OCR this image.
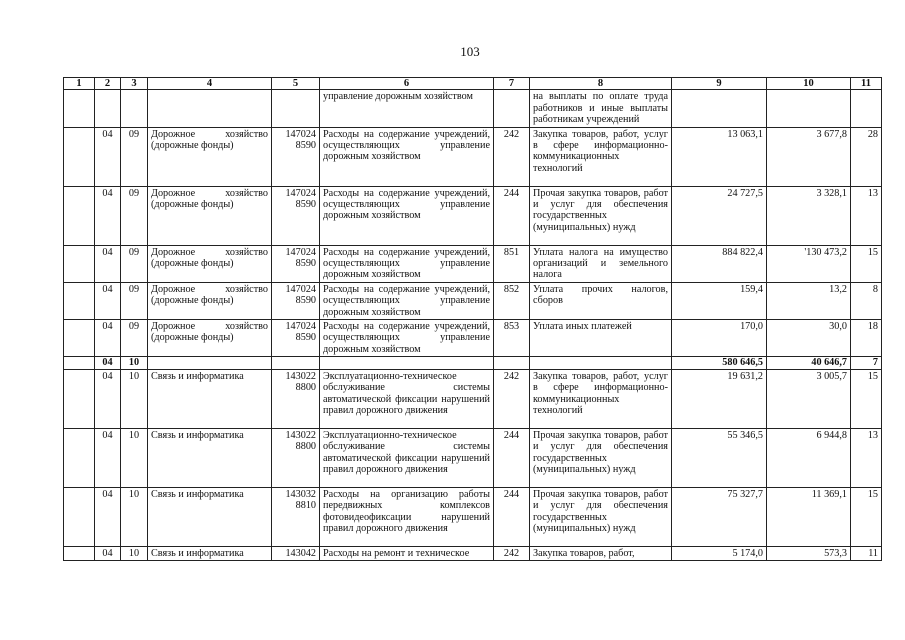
103
1	2	3	4	5	6	7	8	9	10	11
					управление дорожным хозяйством		на выплаты по оплате труда работников и иные выплаты работникам учреждений			
	04	09	Дорожное хозяйство (дорожные фонды)	147024 8590	Расходы на содержание учреждений, осуществляющих управление дорожным хозяйством	242	Закупка товаров, работ, услуг в сфере информационно-коммуникационных технологий	13 063,1	3 677,8	28
	04	09	Дорожное хозяйство (дорожные фонды)	147024 8590	Расходы на содержание учреждений, осуществляющих управление дорожным хозяйством	244	Прочая закупка товаров, работ и услуг для обеспечения государственных (муниципальных) нужд	24 727,5	3 328,1	13
	04	09	Дорожное хозяйство (дорожные фонды)	147024 8590	Расходы на содержание учреждений, осуществляющих управление дорожным хозяйством	851	Уплата налога на имущество организаций и земельного налога	884 822,4	'130 473,2	15
	04	09	Дорожное хозяйство (дорожные фонды)	147024 8590	Расходы на содержание учреждений, осуществляющих управление дорожным хозяйством	852	Уплата прочих налогов, сборов	159,4	13,2	8
	04	09	Дорожное хозяйство (дорожные фонды)	147024 8590	Расходы на содержание учреждений, осуществляющих управление дорожным хозяйством	853	Уплата иных платежей	170,0	30,0	18
	04	10						580 646,5	40 646,7	7
	04	10	Связь и информатика	143022 8800	Эксплуатационно-техническое обслуживание системы автоматической фиксации нарушений правил дорожного движения	242	Закупка товаров, работ, услуг в сфере информационно-коммуникационных технологий	19 631,2	3 005,7	15
	04	10	Связь и информатика	143022 8800	Эксплуатационно-техническое обслуживание системы автоматической фиксации нарушений правил дорожного движения	244	Прочая закупка товаров, работ и услуг для обеспечения государственных (муниципальных) нужд	55 346,5	6 944,8	13
	04	10	Связь и информатика	143032 8810	Расходы на организацию работы передвижных комплексов фотовидеофиксации нарушений правил дорожного движения	244	Прочая закупка товаров, работ и услуг для обеспечения государственных (муниципальных) нужд	75 327,7	11 369,1	15
	04	10	Связь и информатика	143042	Расходы на ремонт и техническое	242	Закупка товаров, работ,	5 174,0	573,3	11
